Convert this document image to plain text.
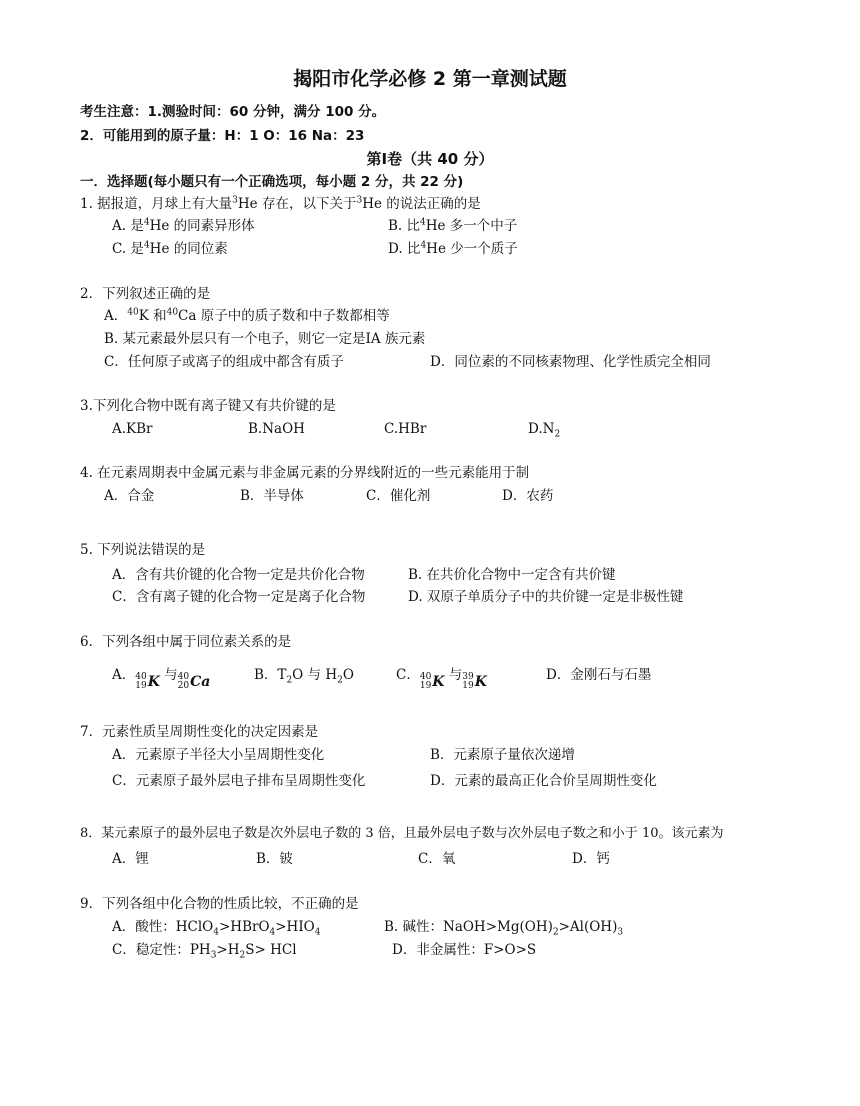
揭阳市化学必修 2 第一章测试题
考生注意：1.测验时间：60 分钟，满分 100 分。
2．可能用到的原子量：H：1 O：16 Na：23
第Ⅰ卷（共 40 分）
一．选择题(每小题只有一个正确选项，每小题 2 分，共 22 分)
1. 据报道，月球上有大量$^3$He 存在，以下关于$^3$He 的说法正确的是
A. 是$^4$He 的同素异形体	B. 比$^4$He 多一个中子
C. 是$^4$He 的同位素	D. 比$^4$He 少一个质子
2．下列叙述正确的是
A．$^{40}$K 和$^{40}$Ca 原子中的质子数和中子数都相等
B. 某元素最外层只有一个电子，则它一定是ⅠA 族元素
C．任何原子或离子的组成中都含有质子	D．同位素的不同核素物理、化学性质完全相同
3.下列化合物中既有离子键又有共价键的是
A.KBr	B.NaOH	C.HBr	$D.N_2$
4. 在元素周期表中金属元素与非金属元素的分界线附近的一些元素能用于制
A．合金	B．半导体	C．催化剂	D．农药
5. 下列说法错误的是
A．含有共价键的化合物一定是共价化合物	B. 在共价化合物中一定含有共价键
C．含有离子键的化合物一定是离子化合物	D. 双原子单质分子中的共价键一定是非极性键
6．下列各组中属于同位素关系的是
A． 40
19 K 与 40
20 Ca	B．$T_2O$ 与 $H_2O$	C． 40
19 K 与 39
19 K	D．金刚石与石墨
7．元素性质呈周期性变化的决定因素是
A．元素原子半径大小呈周期性变化	B．元素原子量依次递增
C．元素原子最外层电子排布呈周期性变化	D．元素的最高正化合价呈周期性变化
8．某元素原子的最外层电子数是次外层电子数的 3 倍，且最外层电子数与次外层电子数之和小于 10。该元素为
A．锂	B．铍	C．氧	D．钙
9．下列各组中化合物的性质比较，不正确的是
A．酸性：$HClO_4>HBrO_4>HIO_4$	B. 碱性：$NaOH>Mg(OH)_2>Al(OH)_3$
C．稳定性：$PH_3>H_2S>$ HCl	D．非金属性：F>O>S
